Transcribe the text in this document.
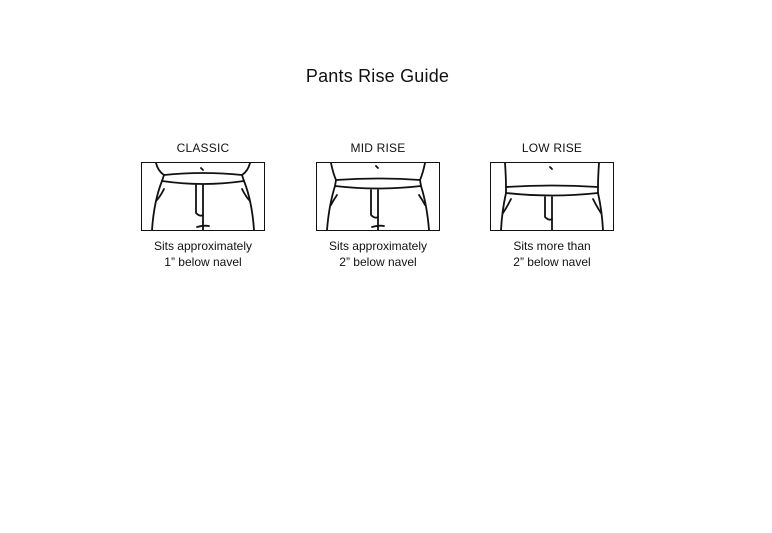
Pants Rise Guide
CLASSIC
Sits approximately
1” below navel
MID RISE
Sits approximately
2” below navel
LOW RISE
Sits more than
2” below navel
